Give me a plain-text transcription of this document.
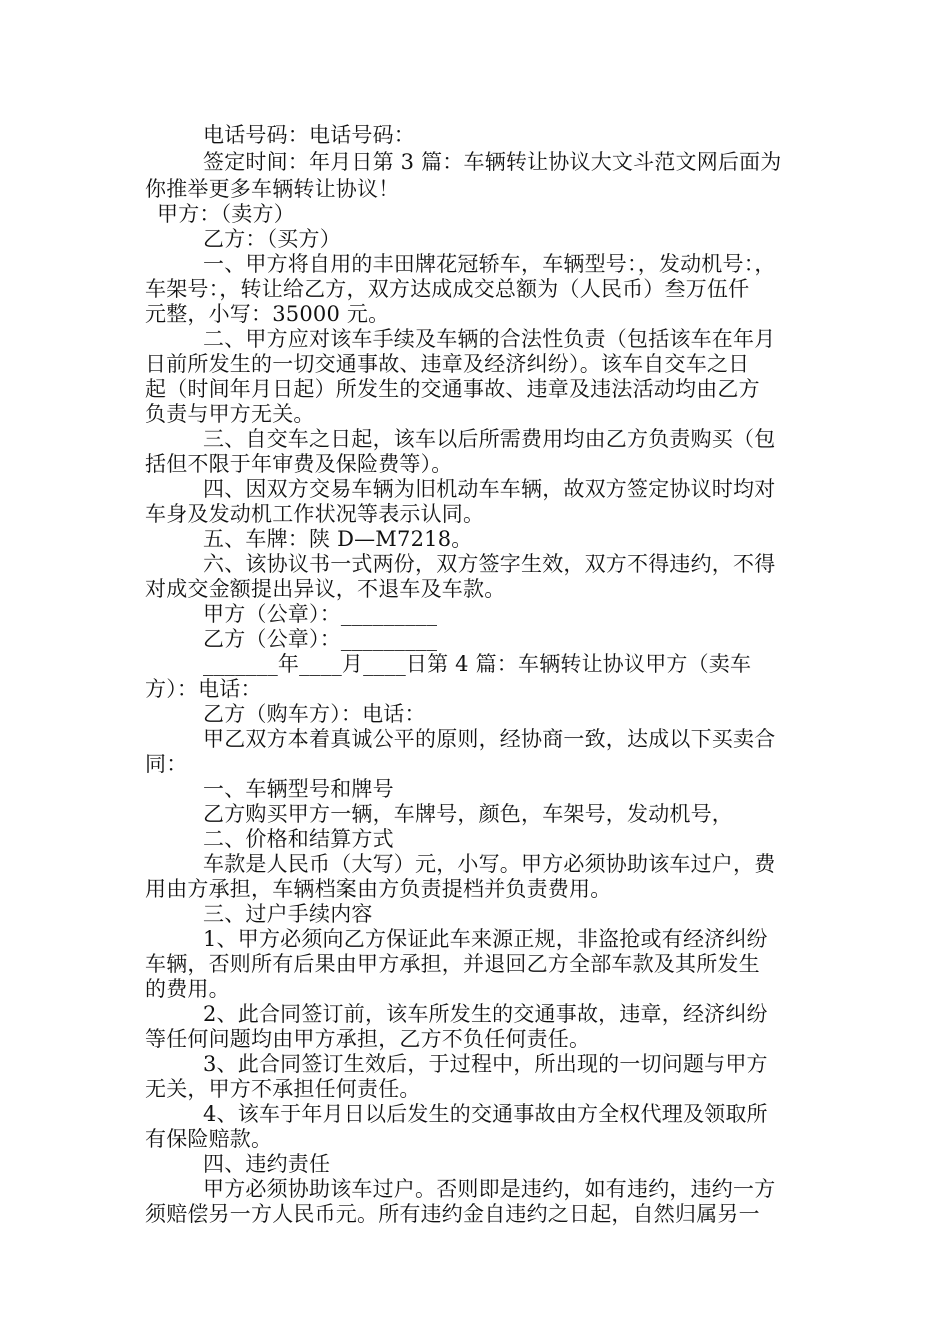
电话号码：电话号码：
签定时间：年月日第 3 篇：车辆转让协议大文斗范文网后面为
你推举更多车辆转让协议！
甲方：（卖方）
乙方：（买方）
一、甲方将自用的丰田牌花冠轿车，车辆型号：，发动机号：，
车架号：，转让给乙方，双方达成成交总额为（人民币）叁万伍仟
元整，小写：35000 元。
二、甲方应对该车手续及车辆的合法性负责（包括该车在年月
日前所发生的一切交通事故、违章及经济纠纷）。该车自交车之日
起（时间年月日起）所发生的交通事故、违章及违法活动均由乙方
负责与甲方无关。
三、自交车之日起，该车以后所需费用均由乙方负责购买（包
括但不限于年审费及保险费等）。
四、因双方交易车辆为旧机动车车辆，故双方签定协议时均对
车身及发动机工作状况等表示认同。
五、车牌：陕 D—M7218。
六、该协议书一式两份，双方签字生效，双方不得违约，不得
对成交金额提出异议，不退车及车款。
甲方（公章）：_________
乙方（公章）：_________
_______年____月____日第 4 篇：车辆转让协议甲方（卖车
方）：电话：
乙方（购车方）：电话：
甲乙双方本着真诚公平的原则，经协商一致，达成以下买卖合
同：
一、车辆型号和牌号
乙方购买甲方一辆，车牌号，颜色，车架号，发动机号，
二、价格和结算方式
车款是人民币（大写）元，小写。甲方必须协助该车过户，费
用由方承担，车辆档案由方负责提档并负责费用。
三、过户手续内容
1、甲方必须向乙方保证此车来源正规，非盗抢或有经济纠纷
车辆，否则所有后果由甲方承担，并退回乙方全部车款及其所发生
的费用。
2、此合同签订前，该车所发生的交通事故，违章，经济纠纷
等任何问题均由甲方承担，乙方不负任何责任。
3、此合同签订生效后，于过程中，所出现的一切问题与甲方
无关，甲方不承担任何责任。
4、该车于年月日以后发生的交通事故由方全权代理及领取所
有保险赔款。
四、违约责任
甲方必须协助该车过户。否则即是违约，如有违约，违约一方
须赔偿另一方人民币元。所有违约金自违约之日起，自然归属另一
